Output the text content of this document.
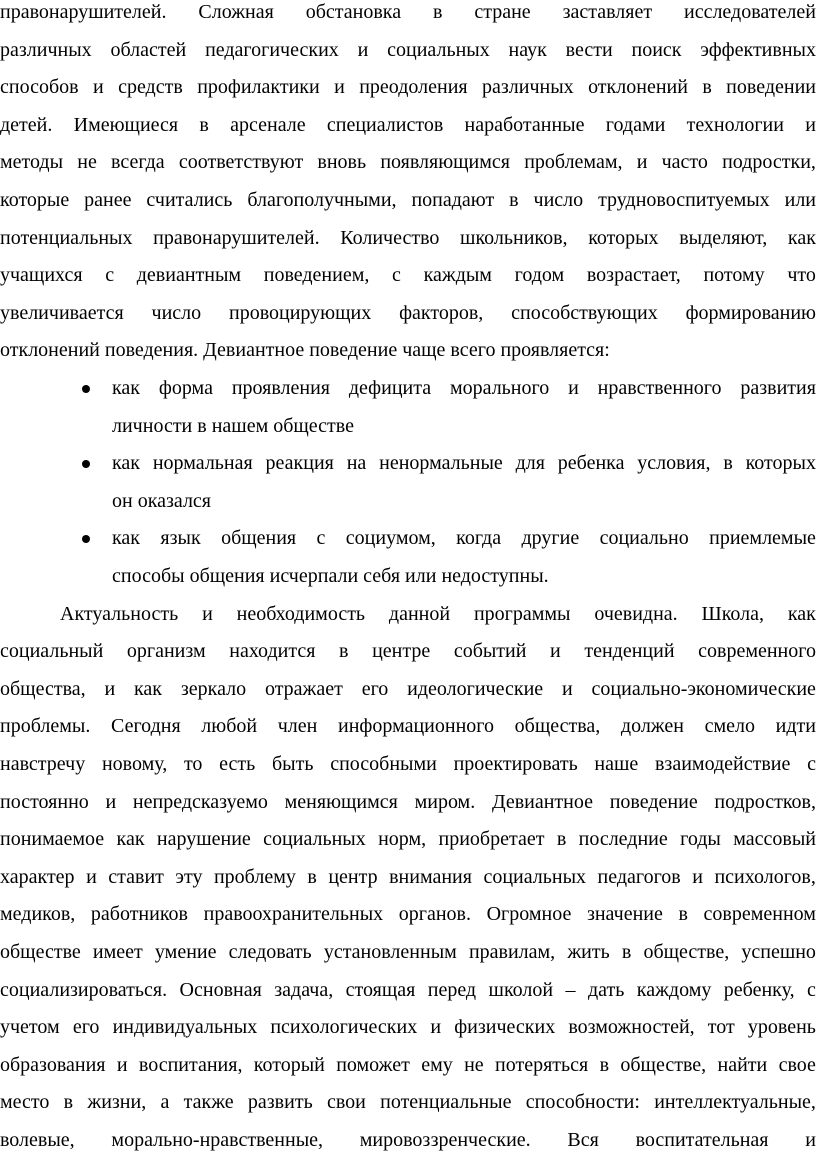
правонарушителей. Сложная обстановка в стране заставляет исследователей
различных областей педагогических и социальных наук вести поиск эффективных
способов и средств профилактики и преодоления различных отклонений в поведении
детей. Имеющиеся в арсенале специалистов наработанные годами технологии и
методы не всегда соответствуют вновь появляющимся проблемам, и часто подростки,
которые ранее считались благополучными, попадают в число трудновоспитуемых или
потенциальных правонарушителей. Количество школьников, которых выделяют, как
учащихся с девиантным поведением, с каждым годом возрастает, потому что
увеличивается число провоцирующих факторов, способствующих формированию
отклонений поведения. Девиантное поведение чаще всего проявляется:
как форма проявления дефицита морального и нравственного развития
личности в нашем обществе
как нормальная реакция на ненормальные для ребенка условия, в которых
он оказался
как язык общения с социумом, когда другие социально приемлемые
способы общения исчерпали себя или недоступны.
Актуальность и необходимость данной программы очевидна. Школа, как
социальный организм находится в центре событий и тенденций современного
общества, и как зеркало отражает его идеологические и социально-экономические
проблемы. Сегодня любой член информационного общества, должен смело идти
навстречу новому, то есть быть способными проектировать наше взаимодействие с
постоянно и непредсказуемо меняющимся миром. Девиантное поведение подростков,
понимаемое как нарушение социальных норм, приобретает в последние годы массовый
характер и ставит эту проблему в центр внимания социальных педагогов и психологов,
медиков, работников правоохранительных органов. Огромное значение в современном
обществе имеет умение следовать установленным правилам, жить в обществе, успешно
социализироваться. Основная задача, стоящая перед школой – дать каждому ребенку, с
учетом его индивидуальных психологических и физических возможностей, тот уровень
образования и воспитания, который поможет ему не потеряться в обществе, найти свое
место в жизни, а также развить свои потенциальные способности: интеллектуальные,
волевые, морально-нравственные, мировоззренческие. Вся воспитательная и
